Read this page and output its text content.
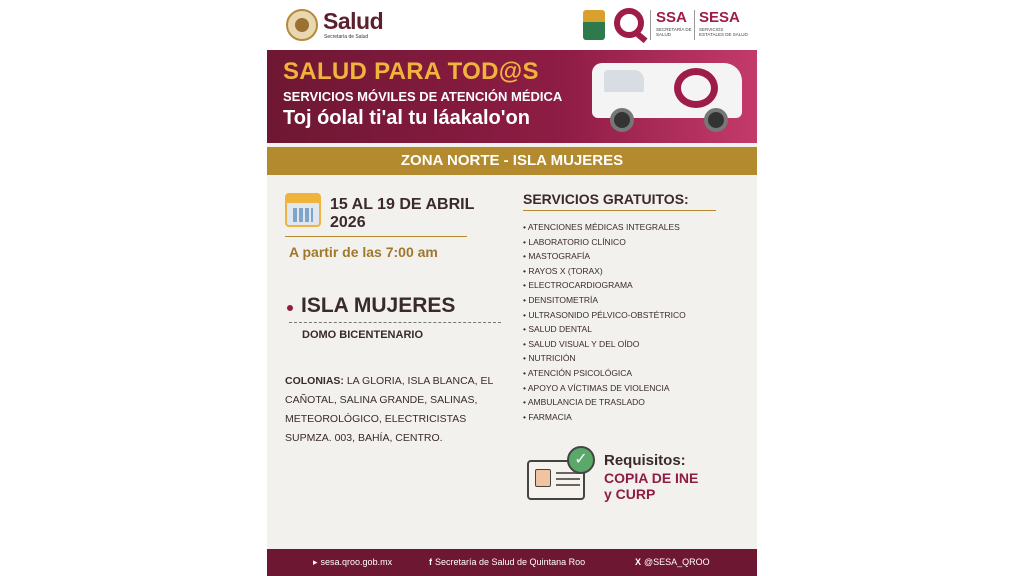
Salud
Secretaría de Salud
SSA
SECRETARÍA DE SALUD
SESA
SERVICIOS ESTATALES DE SALUD
SALUD PARA TOD@S
SERVICIOS MÓVILES DE ATENCIÓN MÉDICA
Toj óolal ti'al tu láakalo'on
ZONA NORTE - ISLA MUJERES
15 AL 19 DE ABRIL 2026
A partir de las 7:00 am
ISLA MUJERES
DOMO BICENTENARIO
COLONIAS: LA GLORIA, ISLA BLANCA, EL CAÑOTAL, SALINA GRANDE, SALINAS, METEOROLÓGICO, ELECTRICISTAS SUPMZA. 003, BAHÍA, CENTRO.
SERVICIOS GRATUITOS:
• ATENCIONES MÉDICAS INTEGRALES
• LABORATORIO CLÍNICO
• MASTOGRAFÍA
• RAYOS X (TORAX)
• ELECTROCARDIOGRAMA
• DENSITOMETRÍA
• ULTRASONIDO PÉLVICO-OBSTÉTRICO
• SALUD DENTAL
• SALUD VISUAL Y DEL OÍDO
• NUTRICIÓN
• ATENCIÓN PSICOLÓGICA
• APOYO A VÍCTIMAS DE VIOLENCIA
• AMBULANCIA DE TRASLADO
• FARMACIA
✓	Requisitos:
COPIA DE INE
y CURP
▸ sesa.qroo.gob.mx	f Secretaría de Salud de Quintana Roo	X @SESA_QROO
